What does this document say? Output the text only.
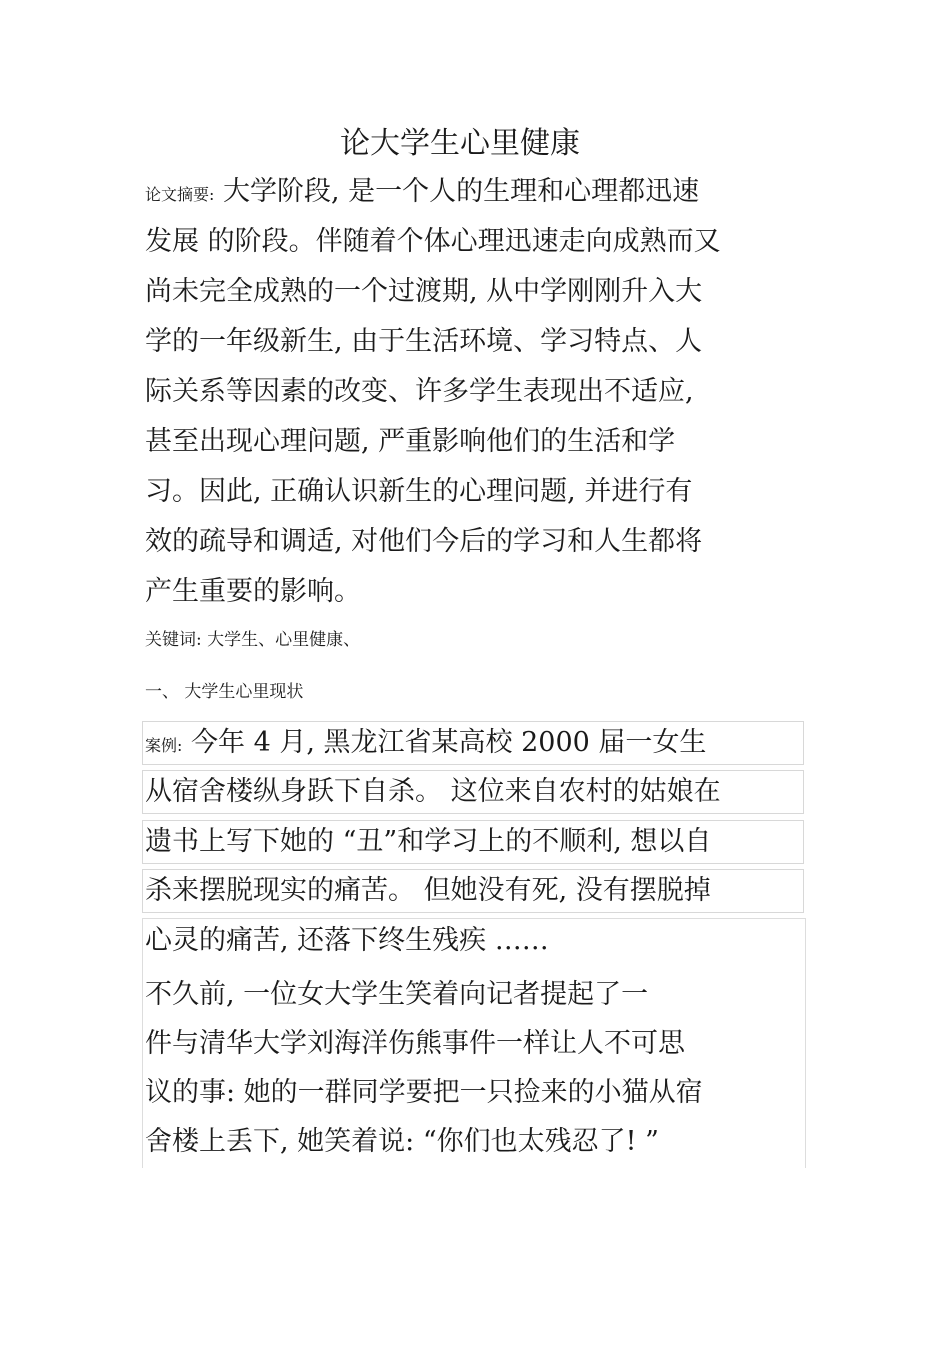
论大学生心里健康
论文摘要: 大学阶段, 是一个人的生理和心理都迅速
发展 的阶段。伴随着个体心理迅速走向成熟而又
尚未完全成熟的一个过渡期, 从中学刚刚升入大
学的一年级新生, 由于生活环境、学习特点、人
际关系等因素的改变、许多学生表现出不适应,
甚至出现心理问题, 严重影响他们的生活和学
习。因此, 正确认识新生的心理问题, 并进行有
效的疏导和调适, 对他们今后的学习和人生都将
产生重要的影响。
关键词: 大学生、心里健康、
一、 大学生心里现状
案例: 今年 4 月, 黑龙江省某高校 2000 届一女生
从宿舍楼纵身跃下自杀。 这位来自农村的姑娘在
遗书上写下她的 “丑”和学习上的不顺利, 想以自
杀来摆脱现实的痛苦。 但她没有死, 没有摆脱掉
心灵的痛苦, 还落下终生残疾 ……
不久前, 一位女大学生笑着向记者提起了一
件与清华大学刘海洋伤熊事件一样让人不可思
议的事: 她的一群同学要把一只捡来的小猫从宿
舍楼上丢下, 她笑着说: “你们也太残忍了! ”
